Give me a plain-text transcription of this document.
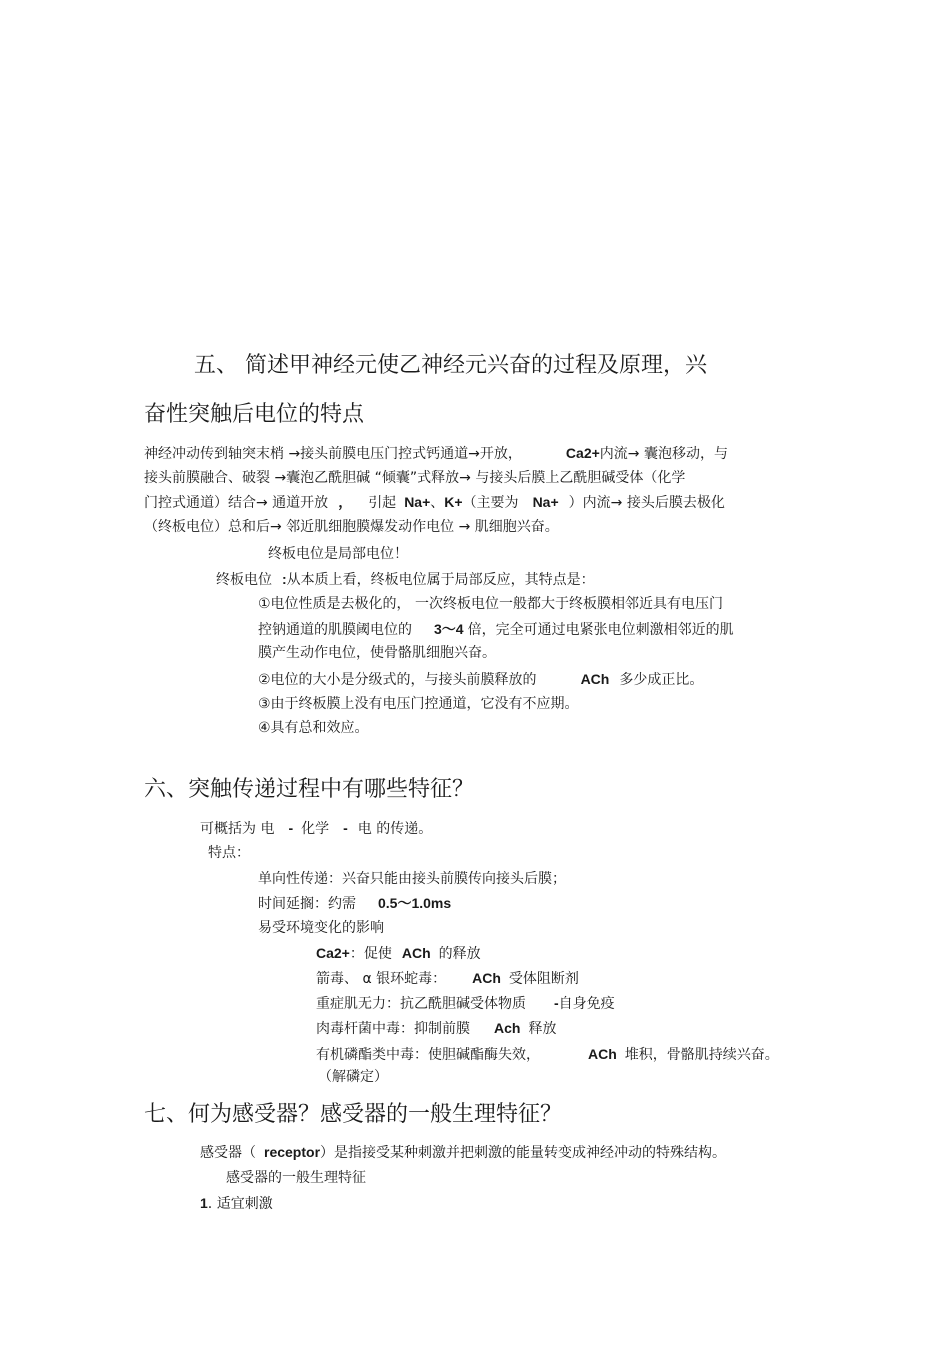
五、 简述甲神经元使乙神经元兴奋的过程及原理，兴
奋性突触后电位的特点
神经冲动传到轴突末梢 →接头前膜电压门控式钙通道→开放，	Ca2+内流→ 囊泡移动，与
接头前膜融合、破裂 →囊泡乙酰胆碱 “倾囊”式释放→ 与接头后膜上乙酰胆碱受体（化学
门控式通道）结合→ 通道开放 ， 引起 Na+、K+（主要为 Na+ ）内流→ 接头后膜去极化
（终板电位）总和后→ 邻近肌细胞膜爆发动作电位 → 肌细胞兴奋。
终板电位是局部电位！
终板电位 :从本质上看，终板电位属于局部反应，其特点是：
①电位性质是去极化的， 一次终板电位一般都大于终板膜相邻近具有电压门
控钠通道的肌膜阈电位的 3～4 倍，完全可通过电紧张电位刺激相邻近的肌
膜产生动作电位，使骨骼肌细胞兴奋。
②电位的大小是分级式的，与接头前膜释放的	ACh 多少成正比。
③由于终板膜上没有电压门控通道，它没有不应期。
④具有总和效应。
六、突触传递过程中有哪些特征？
可概括为 电 - 化学 - 电 的传递。
特点：
单向性传递：兴奋只能由接头前膜传向接头后膜；
时间延搁：约需 0.5～1.0ms
易受环境变化的影响
Ca2+：促使 ACh 的释放
箭毒、 α 银环蛇毒： ACh 受体阻断剂
重症肌无力：抗乙酰胆碱受体物质 -自身免疫
肉毒杆菌中毒：抑制前膜 Ach 释放
有机磷酯类中毒：使胆碱酯酶失效，	ACh 堆积，骨骼肌持续兴奋。
（解磷定）
七、何为感受器？感受器的一般生理特征？
感受器（ receptor）是指接受某种刺激并把刺激的能量转变成神经冲动的特殊结构。
感受器的一般生理特征
1. 适宜刺激
